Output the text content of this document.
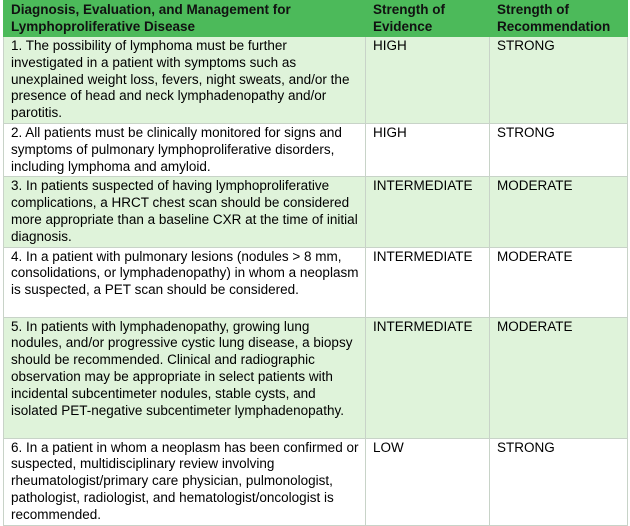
Diagnosis, Evaluation, and Management for Lymphoproliferative Disease	Strength of Evidence	Strength of Recommendation
1. The possibility of lymphoma must be further investigated in a patient with symptoms such as unexplained weight loss, fevers, night sweats, and/or the presence of head and neck lymphadenopathy and/or parotitis.	HIGH	STRONG
2. All patients must be clinically monitored for signs and symptoms of pulmonary lymphoproliferative disorders, including lymphoma and amyloid.	HIGH	STRONG
3. In patients suspected of having lymphoproliferative complications, a HRCT chest scan should be considered more appropriate than a baseline CXR at the time of initial diagnosis.	INTERMEDIATE	MODERATE
4. In a patient with pulmonary lesions (nodules > 8 mm, consolidations, or lymphadenopathy) in whom a neoplasm is suspected, a PET scan should be considered.	INTERMEDIATE	MODERATE
5. In patients with lymphadenopathy, growing lung nodules, and/or progressive cystic lung disease, a biopsy should be recommended. Clinical and radiographic observation may be appropriate in select patients with incidental subcentimeter nodules, stable cysts, and isolated PET-negative subcentimeter lymphadenopathy.	INTERMEDIATE	MODERATE
6. In a patient in whom a neoplasm has been confirmed or suspected, multidisciplinary review involving rheumatologist/primary care physician, pulmonologist, pathologist, radiologist, and hematologist/oncologist is recommended.	LOW	STRONG
